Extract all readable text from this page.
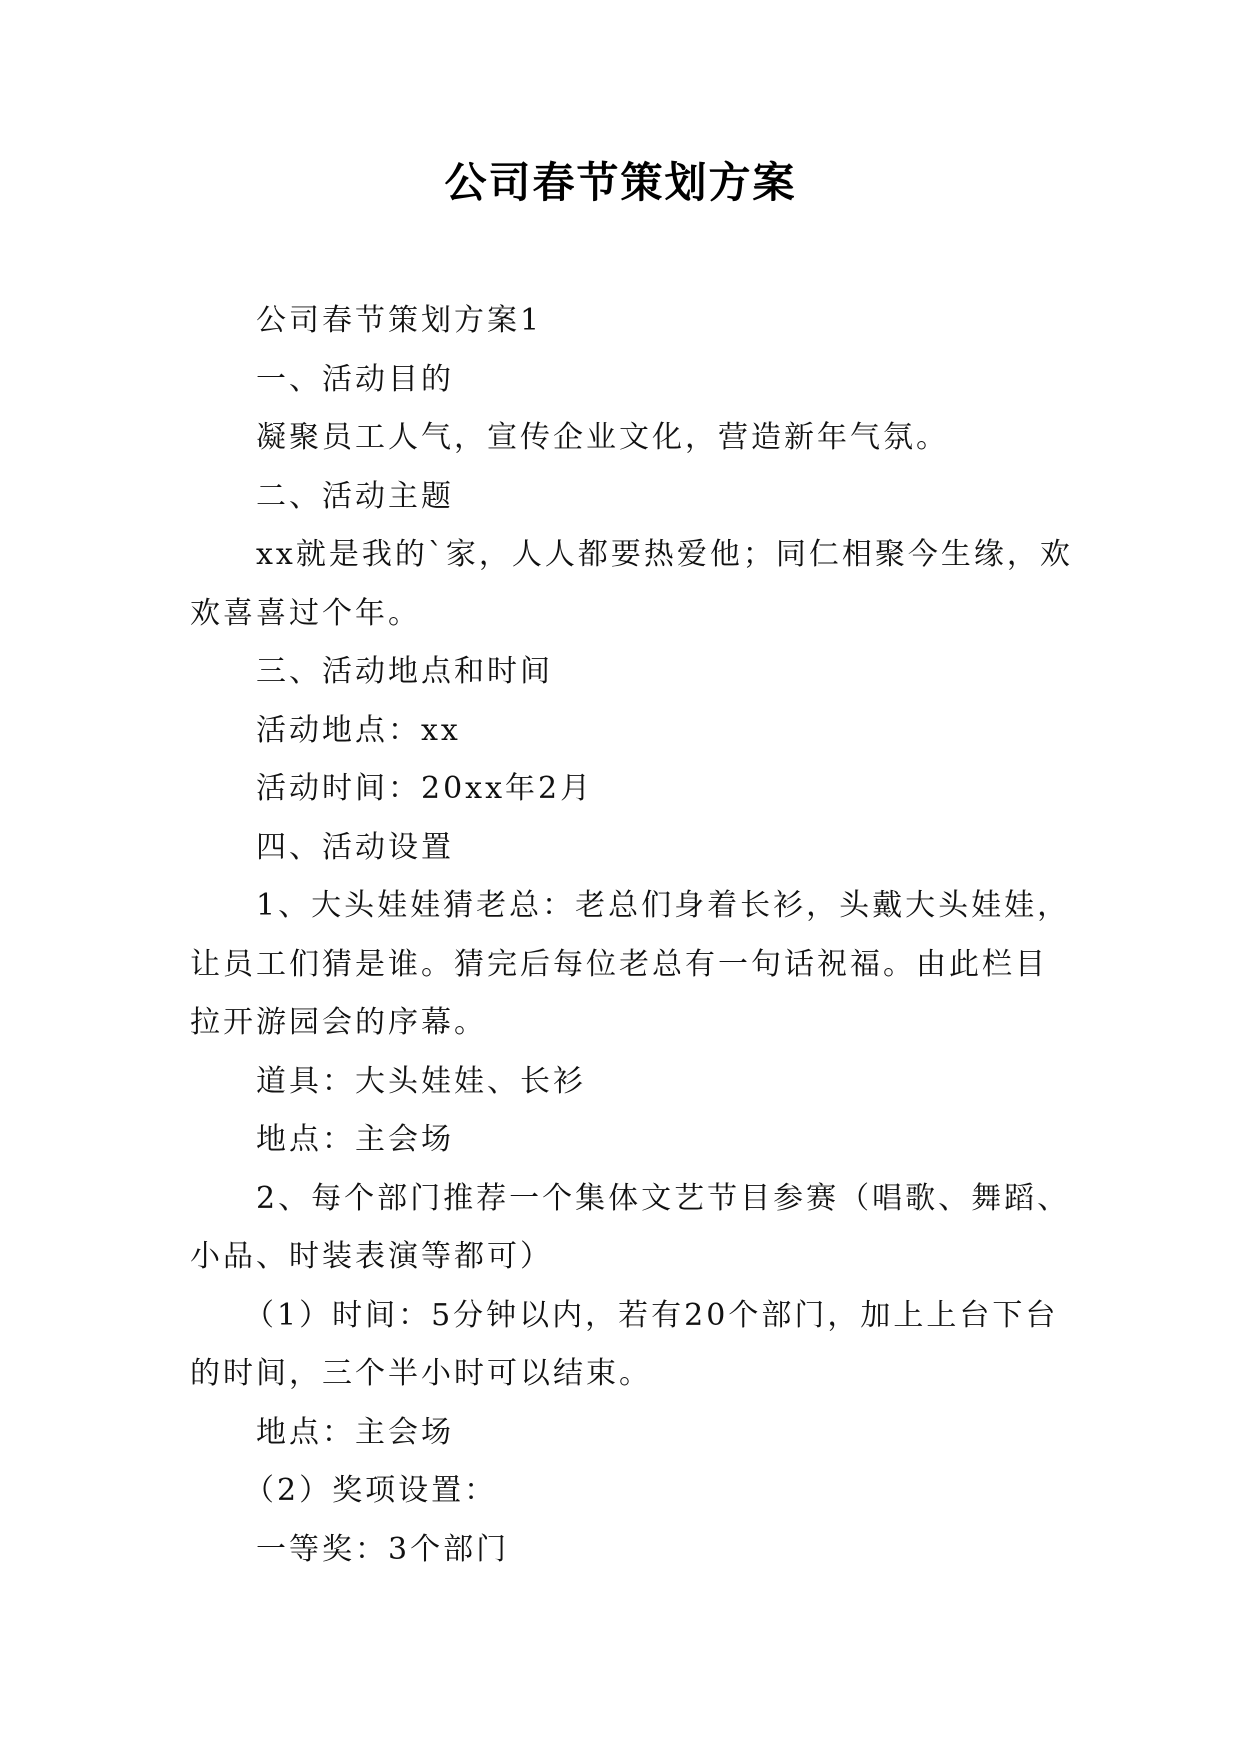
公司春节策划方案

公司春节策划方案1

一、活动目的

凝聚员工人气，宣传企业文化，营造新年气氛。

二、活动主题

xx就是我的`家，人人都要热爱他；同仁相聚今生缘，欢欢喜喜过个年。

三、活动地点和时间

活动地点：xx

活动时间：20xx年2月

四、活动设置

1、大头娃娃猜老总：老总们身着长衫，头戴大头娃娃，让员工们猜是谁。猜完后每位老总有一句话祝福。由此栏目拉开游园会的序幕。

道具：大头娃娃、长衫

地点：主会场

2、每个部门推荐一个集体文艺节目参赛（唱歌、舞蹈、小品、时装表演等都可）

（1）时间：5分钟以内，若有20个部门，加上上台下台的时间，三个半小时可以结束。

地点：主会场

（2）奖项设置：

一等奖：3个部门
